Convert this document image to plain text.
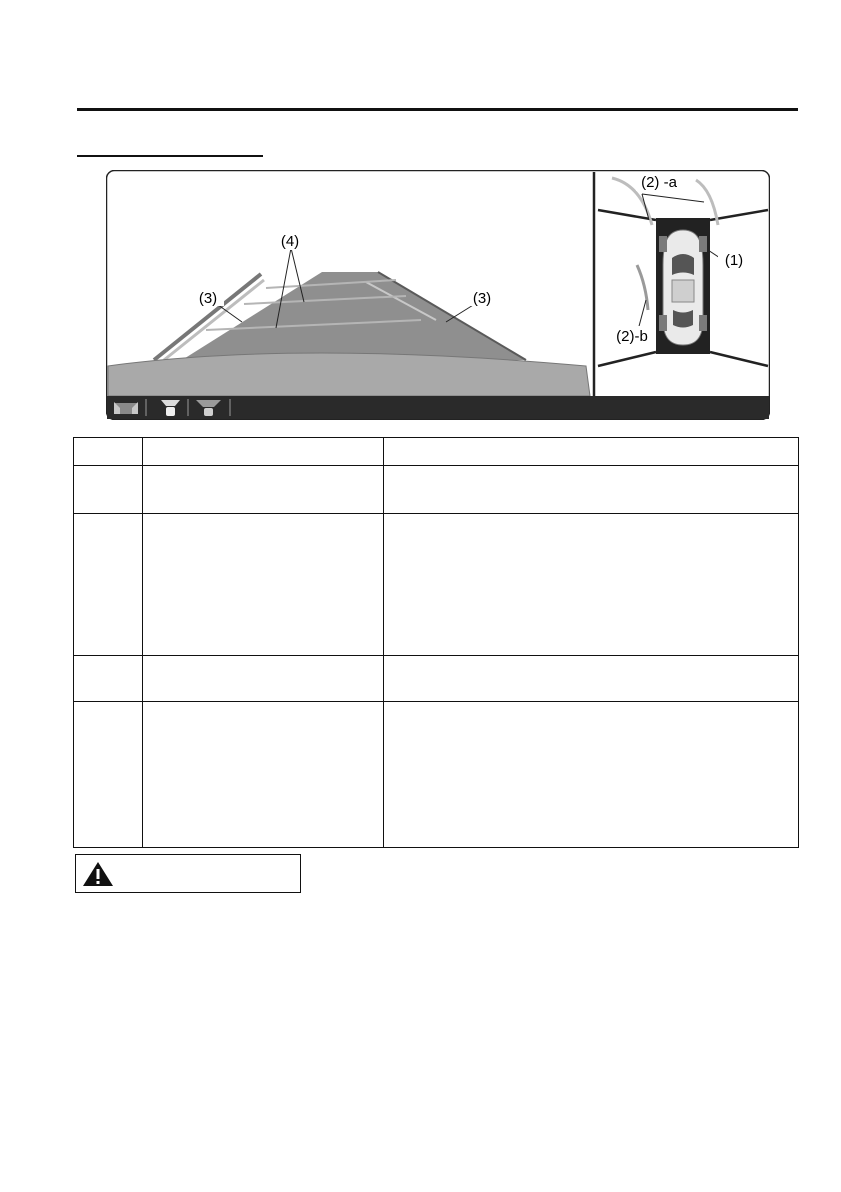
(4)
(3)	(3)
(2) -a
(1)
(2)-b
